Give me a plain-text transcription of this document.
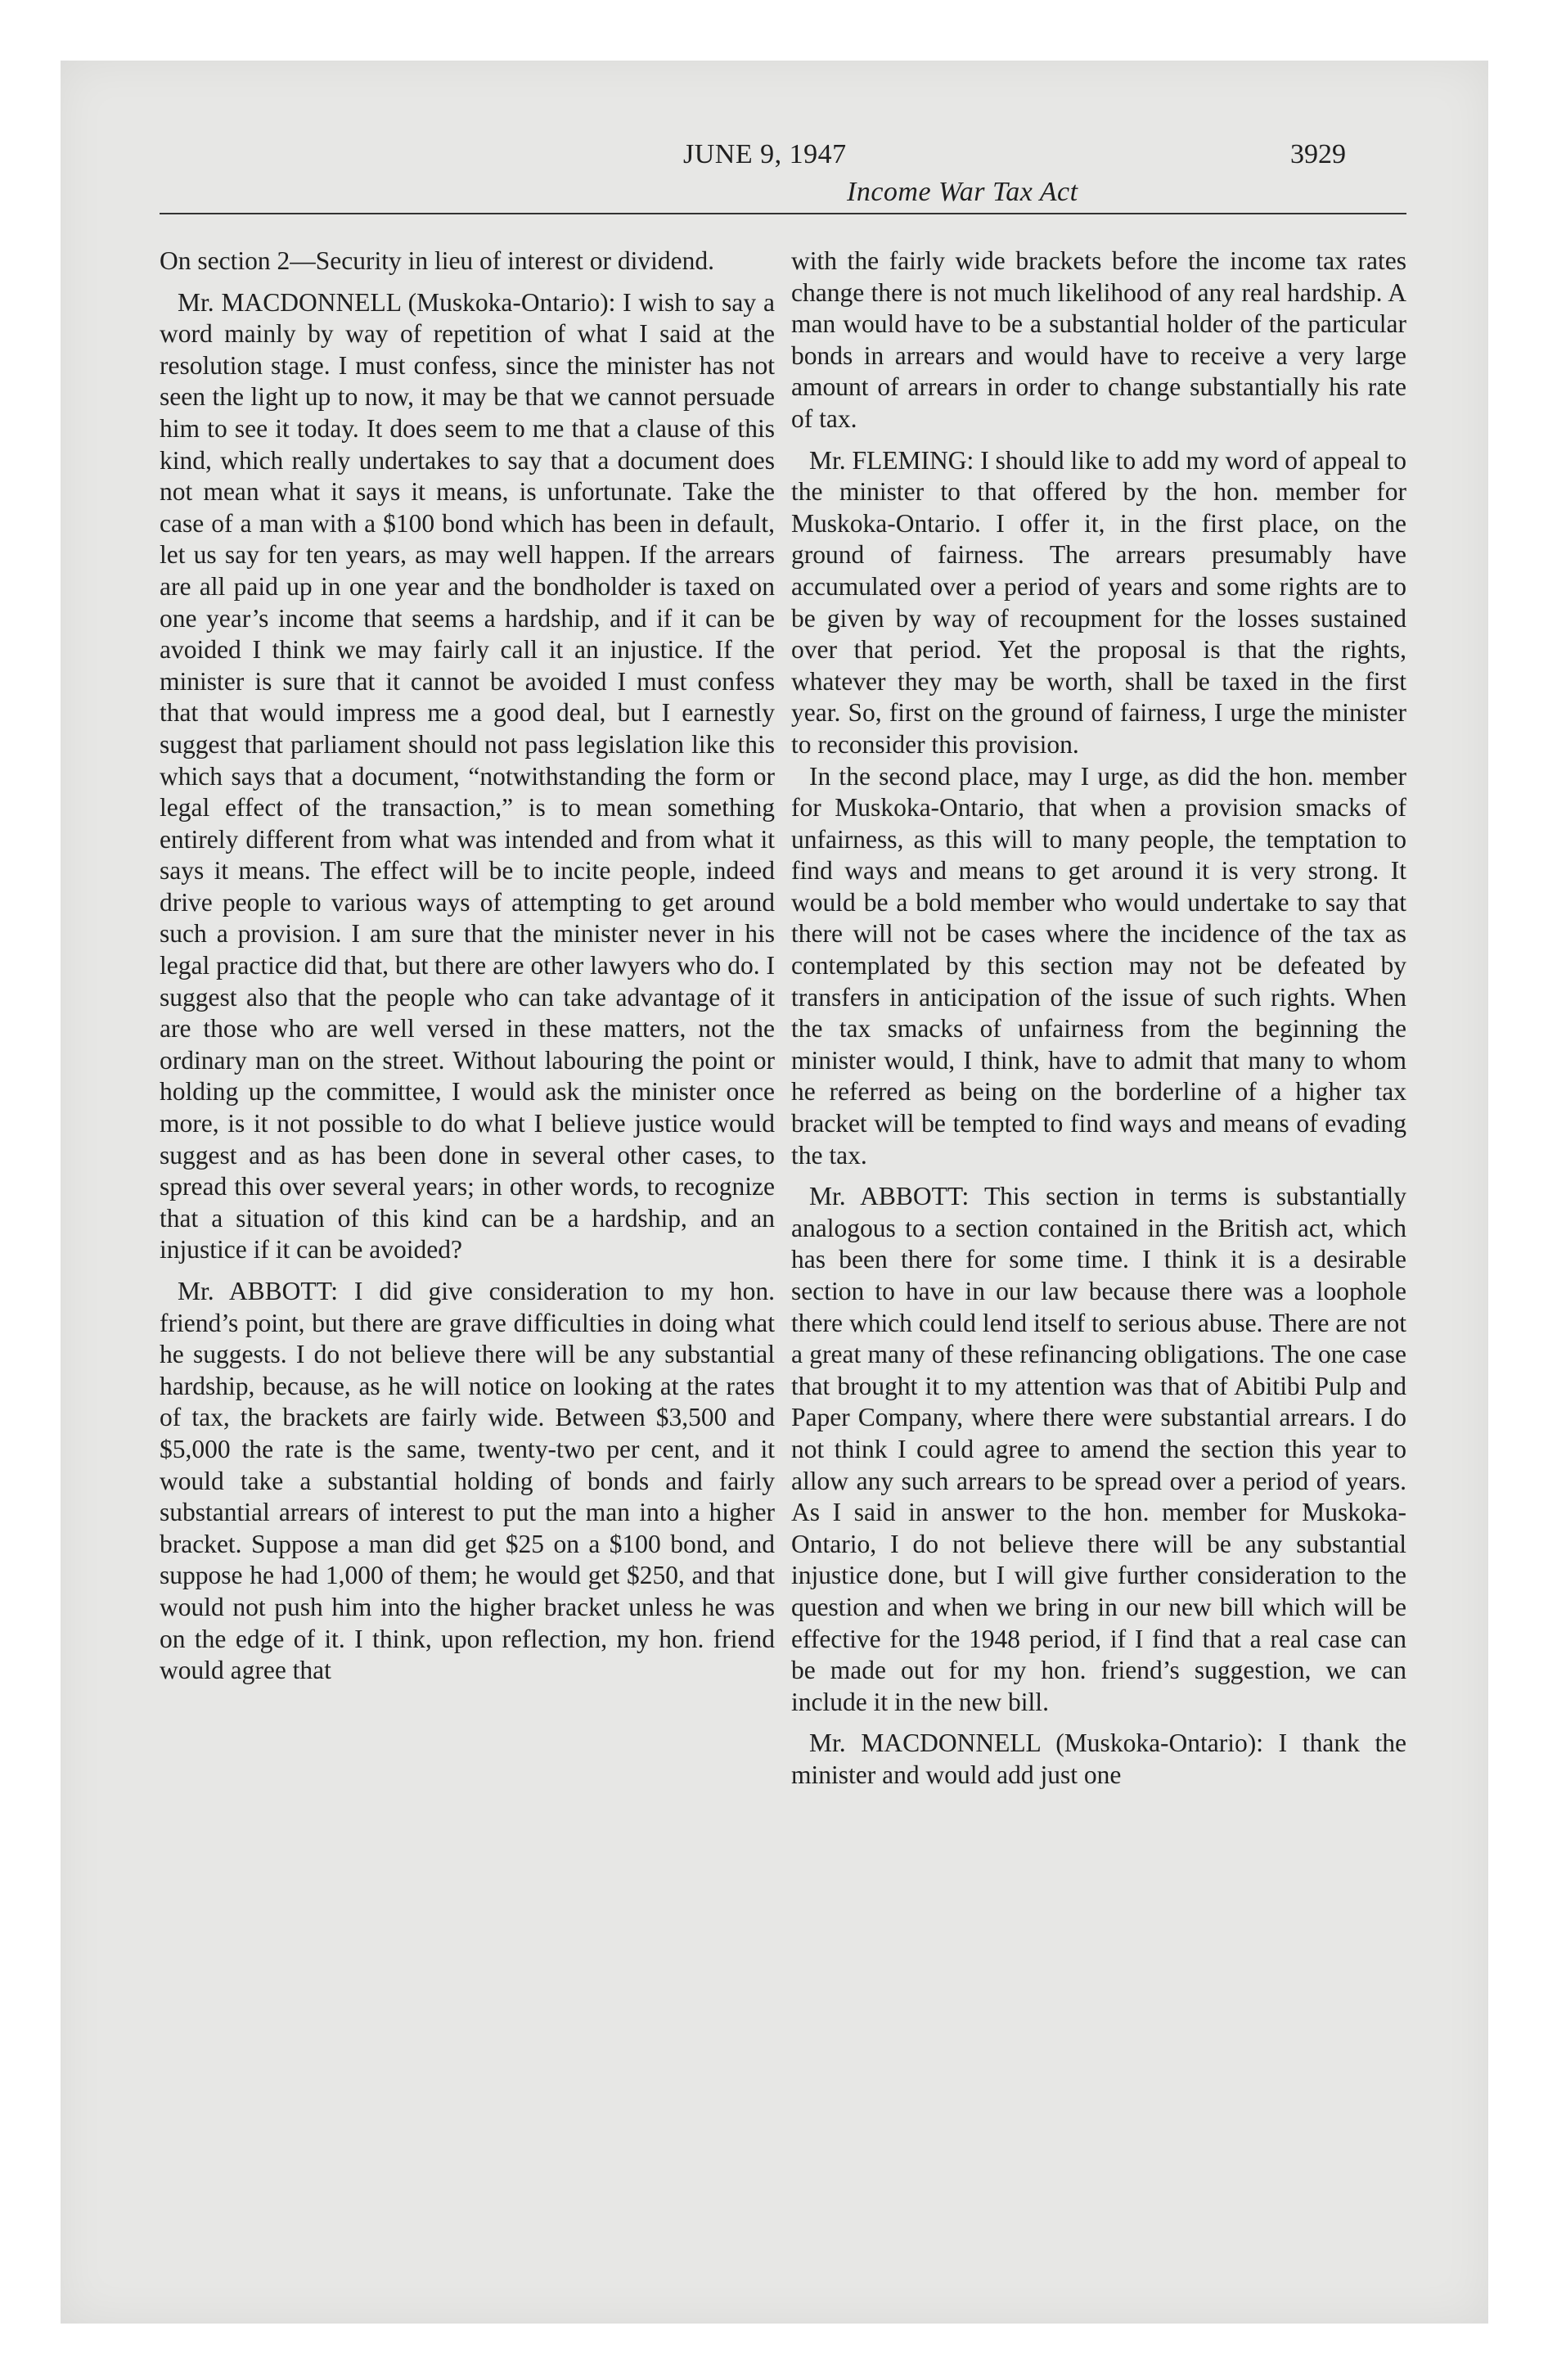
JUNE 9, 1947	3929
Income War Tax Act

On section 2—Security in lieu of interest or dividend.

Mr. MACDONNELL (Muskoka-Ontario): I wish to say a word mainly by way of repetition of what I said at the resolution stage. I must confess, since the minister has not seen the light up to now, it may be that we cannot persuade him to see it today. It does seem to me that a clause of this kind, which really undertakes to say that a document does not mean what it says it means, is unfortunate. Take the case of a man with a $100 bond which has been in default, let us say for ten years, as may well happen. If the arrears are all paid up in one year and the bondholder is taxed on one year’s income that seems a hardship, and if it can be avoided I think we may fairly call it an injustice. If the minister is sure that it cannot be avoided I must confess that that would impress me a good deal, but I earnestly suggest that parliament should not pass legislation like this which says that a document, “notwithstanding the form or legal effect of the transaction,” is to mean something entirely different from what was intended and from what it says it means. The effect will be to incite people, indeed drive people to various ways of attempting to get around such a provision. I am sure that the minister never in his legal practice did that, but there are other lawyers who do. I suggest also that the people who can take advantage of it are those who are well versed in these matters, not the ordinary man on the street. Without labouring the point or holding up the committee, I would ask the minister once more, is it not possible to do what I believe justice would suggest and as has been done in several other cases, to spread this over several years; in other words, to recognize that a situation of this kind can be a hardship, and an injustice if it can be avoided?

Mr. ABBOTT: I did give consideration to my hon. friend’s point, but there are grave difficulties in doing what he suggests. I do not believe there will be any substantial hardship, because, as he will notice on looking at the rates of tax, the brackets are fairly wide. Between $3,500 and $5,000 the rate is the same, twenty-two per cent, and it would take a substantial holding of bonds and fairly substantial arrears of interest to put the man into a higher bracket. Suppose a man did get $25 on a $100 bond, and suppose he had 1,000 of them; he would get $250, and that would not push him into the higher bracket unless he was on the edge of it. I think, upon reflection, my hon. friend would agree that

with the fairly wide brackets before the income tax rates change there is not much likelihood of any real hardship. A man would have to be a substantial holder of the particular bonds in arrears and would have to receive a very large amount of arrears in order to change substantially his rate of tax.

Mr. FLEMING: I should like to add my word of appeal to the minister to that offered by the hon. member for Muskoka-Ontario. I offer it, in the first place, on the ground of fairness. The arrears presumably have accumulated over a period of years and some rights are to be given by way of recoupment for the losses sustained over that period. Yet the proposal is that the rights, whatever they may be worth, shall be taxed in the first year. So, first on the ground of fairness, I urge the minister to reconsider this provision.

In the second place, may I urge, as did the hon. member for Muskoka-Ontario, that when a provision smacks of unfairness, as this will to many people, the temptation to find ways and means to get around it is very strong. It would be a bold member who would undertake to say that there will not be cases where the incidence of the tax as contemplated by this section may not be defeated by transfers in anticipation of the issue of such rights. When the tax smacks of unfairness from the beginning the minister would, I think, have to admit that many to whom he referred as being on the borderline of a higher tax bracket will be tempted to find ways and means of evading the tax.

Mr. ABBOTT: This section in terms is substantially analogous to a section contained in the British act, which has been there for some time. I think it is a desirable section to have in our law because there was a loophole there which could lend itself to serious abuse. There are not a great many of these refinancing obligations. The one case that brought it to my attention was that of Abitibi Pulp and Paper Company, where there were substantial arrears. I do not think I could agree to amend the section this year to allow any such arrears to be spread over a period of years. As I said in answer to the hon. member for Muskoka-Ontario, I do not believe there will be any substantial injustice done, but I will give further consideration to the question and when we bring in our new bill which will be effective for the 1948 period, if I find that a real case can be made out for my hon. friend’s suggestion, we can include it in the new bill.

Mr. MACDONNELL (Muskoka-Ontario): I thank the minister and would add just one
